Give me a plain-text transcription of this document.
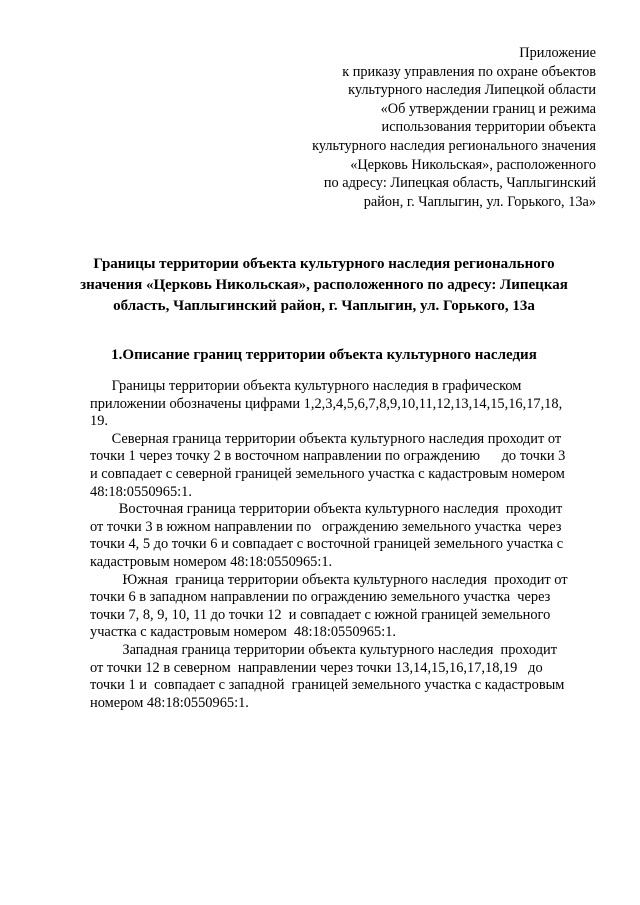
Приложение
к приказу управления по охране объектов
культурного наследия Липецкой области
«Об утверждении границ и режима
использования территории объекта
культурного наследия регионального значения
«Церковь Никольская», расположенного
по адресу: Липецкая область, Чаплыгинский
район, г. Чаплыгин, ул. Горького, 13а»
Границы территории объекта культурного наследия регионального
значения «Церковь Никольская», расположенного по адресу: Липецкая
область, Чаплыгинский район, г. Чаплыгин, ул. Горького, 13а
1.Описание границ территории объекта культурного наследия
Границы территории объекта культурного наследия в графическом
приложении обозначены цифрами 1,2,3,4,5,6,7,8,9,10,11,12,13,14,15,16,17,18,
19.
Северная граница территории объекта культурного наследия проходит от
точки 1 через точку 2 в восточном направлении по ограждению      до точки 3
и совпадает с северной границей земельного участка с кадастровым номером
48:18:0550965:1.
Восточная граница территории объекта культурного наследия  проходит
от точки 3 в южном направлении по   ограждению земельного участка  через
точки 4, 5 до точки 6 и совпадает с восточной границей земельного участка с
кадастровым номером 48:18:0550965:1.
Южная  граница территории объекта культурного наследия  проходит от
точки 6 в западном направлении по ограждению земельного участка  через
точки 7, 8, 9, 10, 11 до точки 12  и совпадает с южной границей земельного
участка с кадастровым номером  48:18:0550965:1.
Западная граница территории объекта культурного наследия  проходит
от точки 12 в северном  направлении через точки 13,14,15,16,17,18,19   до
точки 1 и  совпадает с западной  границей земельного участка с кадастровым
номером 48:18:0550965:1.
